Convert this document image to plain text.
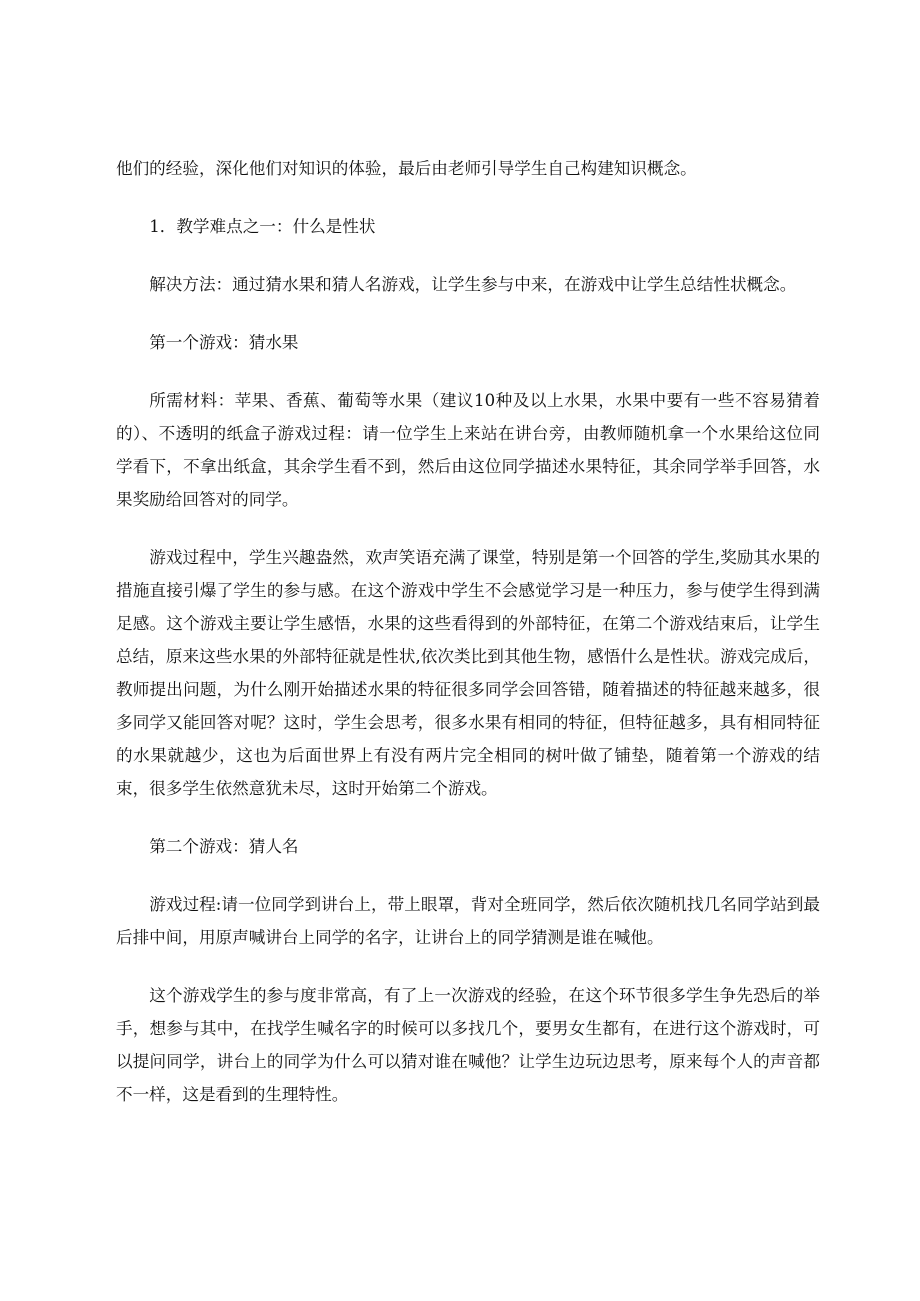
他们的经验，深化他们对知识的体验，最后由老师引导学生自己构建知识概念。

1．教学难点之一：什么是性状

解决方法：通过猜水果和猜人名游戏，让学生参与中来，在游戏中让学生总结性状概念。

第一个游戏：猜水果

所需材料：苹果、香蕉、葡萄等水果（建议10种及以上水果，水果中要有一些不容易猜着的）、不透明的纸盒子游戏过程：请一位学生上来站在讲台旁，由教师随机拿一个水果给这位同学看下，不拿出纸盒，其余学生看不到，然后由这位同学描述水果特征，其余同学举手回答，水果奖励给回答对的同学。

游戏过程中，学生兴趣盎然，欢声笑语充满了课堂，特别是第一个回答的学生,奖励其水果的措施直接引爆了学生的参与感。在这个游戏中学生不会感觉学习是一种压力，参与使学生得到满足感。这个游戏主要让学生感悟，水果的这些看得到的外部特征，在第二个游戏结束后，让学生总结，原来这些水果的外部特征就是性状,依次类比到其他生物，感悟什么是性状。游戏完成后，教师提出问题，为什么刚开始描述水果的特征很多同学会回答错，随着描述的特征越来越多，很多同学又能回答对呢？这时，学生会思考，很多水果有相同的特征，但特征越多，具有相同特征的水果就越少，这也为后面世界上有没有两片完全相同的树叶做了铺垫，随着第一个游戏的结束，很多学生依然意犹未尽，这时开始第二个游戏。

第二个游戏：猜人名

游戏过程:请一位同学到讲台上，带上眼罩，背对全班同学，然后依次随机找几名同学站到最后排中间，用原声喊讲台上同学的名字，让讲台上的同学猜测是谁在喊他。

这个游戏学生的参与度非常高，有了上一次游戏的经验，在这个环节很多学生争先恐后的举手，想参与其中，在找学生喊名字的时候可以多找几个，要男女生都有，在进行这个游戏时，可以提问同学，讲台上的同学为什么可以猜对谁在喊他？让学生边玩边思考，原来每个人的声音都不一样，这是看到的生理特性。
